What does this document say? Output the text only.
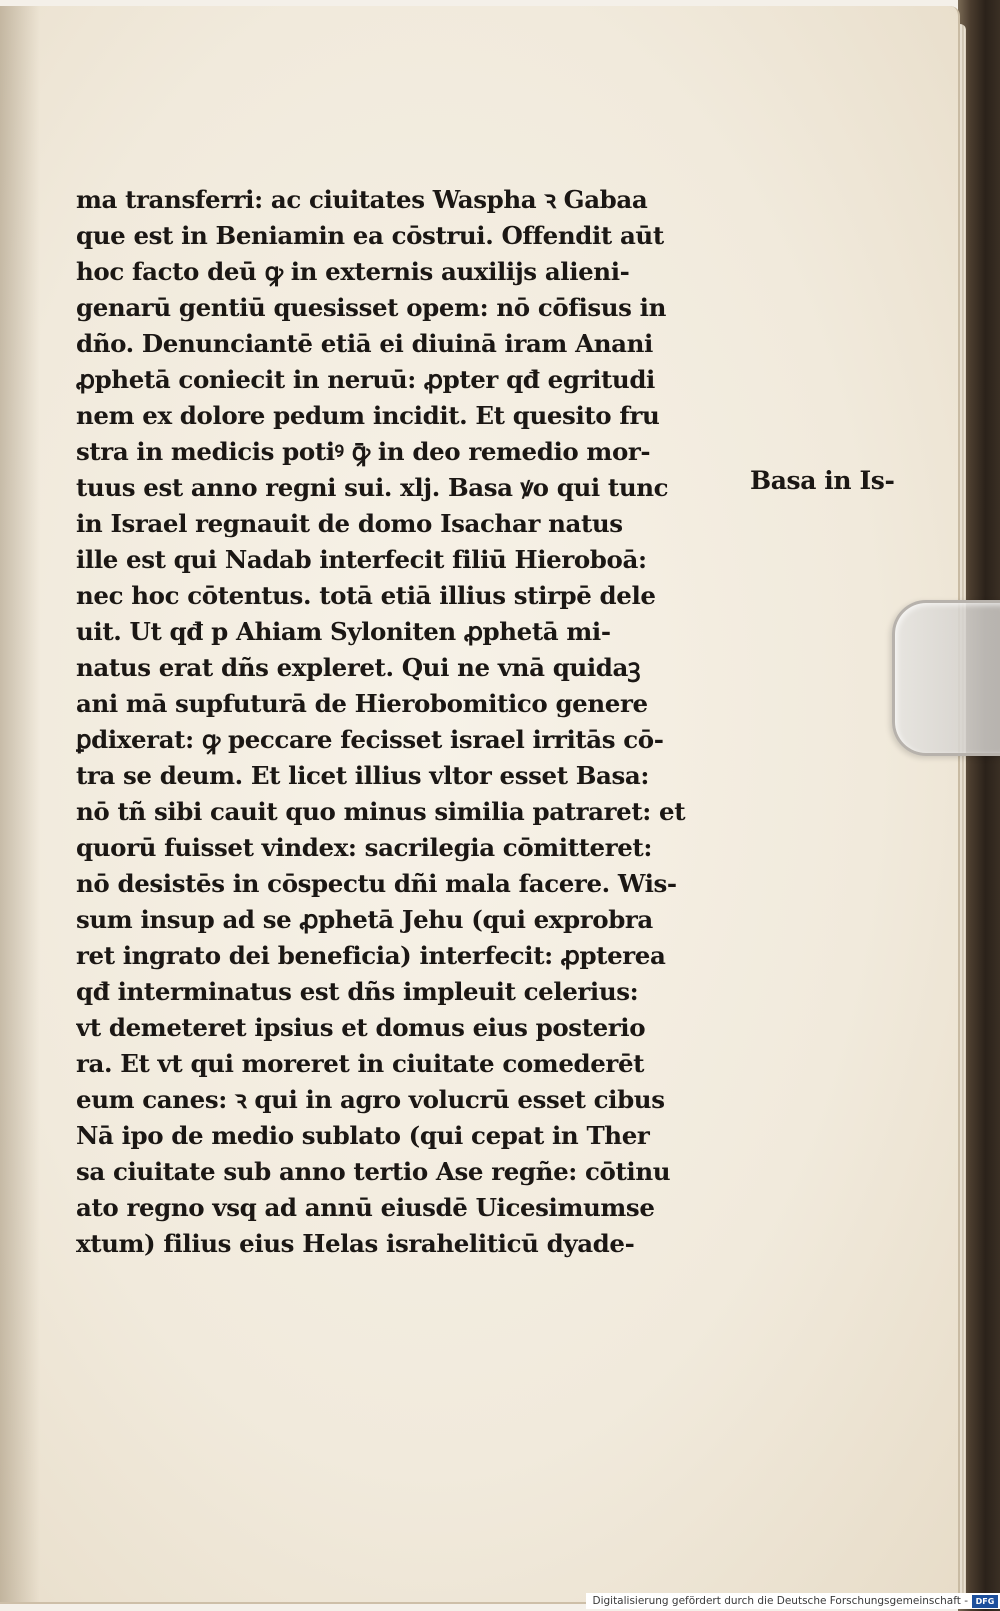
ma transferri: ac ciuitates Waspha ꝛ Gabaa
que est in Beniamin ea cōstrui. Offendit aūt
hoc facto deū ꝙ in externis auxilijs alieni-
genarū gentiū quesisset opem: nō cōfisus in
dño. Denunciantē etiā ei diuinā iram Anani
ꝓphetā coniecit in neruū: ꝓpter qđ egritudi
nem ex dolore pedum incidit. Et quesito fru
stra in medicis potiꝰ ꝙ̄ in deo remedio mor-
tuus est anno regni sui. xlj. Basa ꝟo qui tunc
in Israel regnauit de domo Isachar natus
ille est qui Nadab interfecit filiū Hieroboā:
nec hoc cōtentus. totā etiā illius stirpē dele
uit. Ut qđ p Ahiam Syloniten ꝓphetā mi-
natus erat dñs expleret. Qui ne vnā quidaꝫ
ani mā supfuturā de Hierobomitico genere
ꝑdixerat: ꝙ peccare fecisset israel irritās cō-
tra se deum. Et licet illius vltor esset Basa:
nō tñ sibi cauit quo minus similia patraret: et
quorū fuisset vindex: sacrilegia cōmitteret:
nō desistēs in cōspectu dñi mala facere. Wis-
sum insup ad se ꝓphetā Jehu (qui exprobra
ret ingrato dei beneficia) interfecit: ꝓpterea
qđ interminatus est dñs impleuit celerius:
vt demeteret ipsius et domus eius posterio
ra. Et vt qui moreret in ciuitate comederēt
eum canes: ꝛ qui in agro volucrū esset cibus
Nā ipo de medio sublato (qui cepat in Ther
sa ciuitate sub anno tertio Ase regñe: cōtinu
ato regno vsq ad annū eiusdē Uicesimumse
xtum) filius eius Helas israheliticū dyade-
Basa in Is-
Digitalisierung gefördert durch die Deutsche Forschungsgemeinschaft - DFG
